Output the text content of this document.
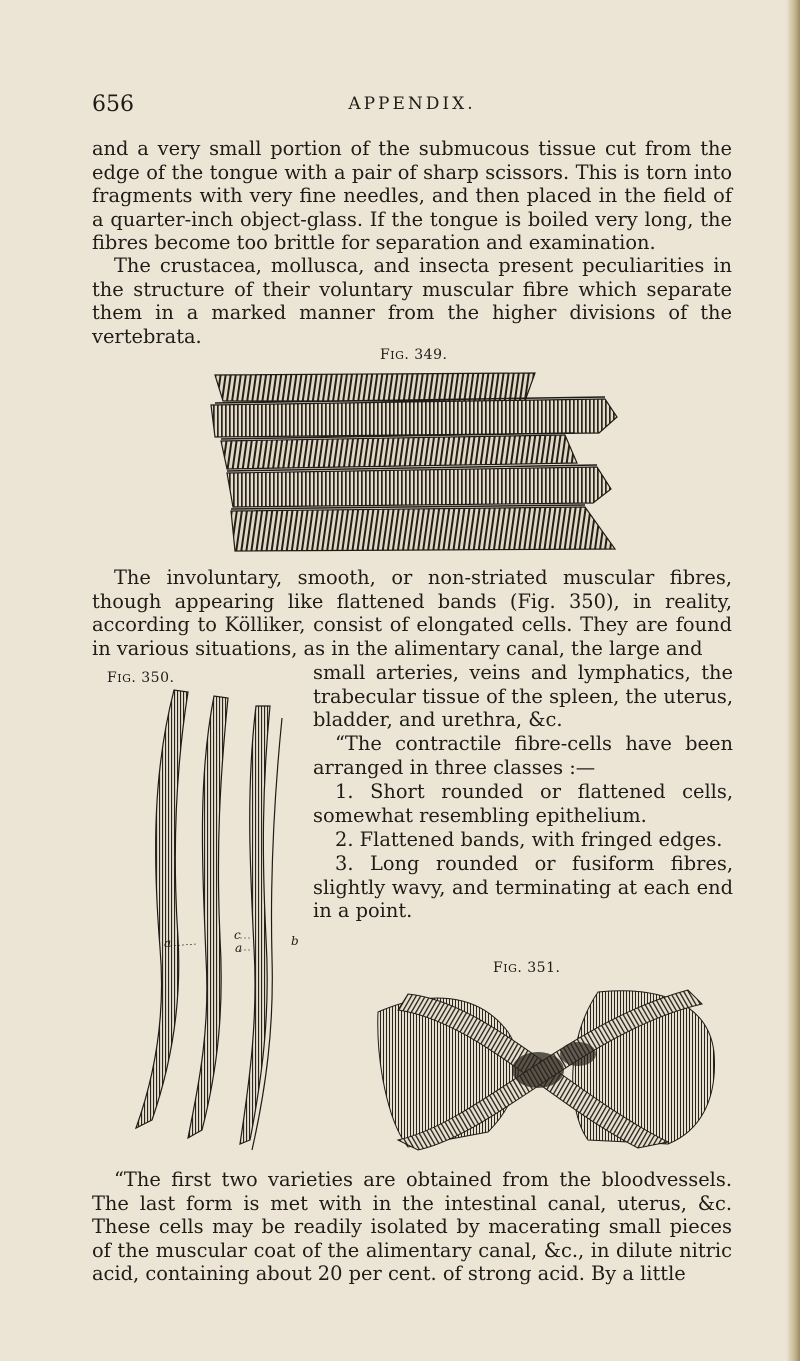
656	APPENDIX.

and a very small portion of the submucous tissue cut from the edge of the tongue with a pair of sharp scissors. This is torn into fragments with very fine needles, and then placed in the field of a quarter-inch object-glass. If the tongue is boiled very long, the fibres become too brittle for separation and examination.

The crustacea, mollusca, and insecta present peculiarities in the structure of their voluntary muscular fibre which separate them in a marked manner from the higher divisions of the vertebrata.

FIG. 349.

The involuntary, smooth, or non-striated muscular fibres, though appearing like flattened bands (Fig. 350), in reality, according to Kölliker, consist of elongated cells. They are found in various situations, as in the alimentary canal, the large and

FIG. 350.
a
c
a	b

small arteries, veins and lymphatics, the trabecular tissue of the spleen, the uterus, bladder, and urethra, &c.

“The contractile fibre-cells have been arranged in three classes :—

1. Short rounded or flattened cells, somewhat resembling epithelium.

2. Flattened bands, with fringed edges.

3. Long rounded or fusiform fibres, slightly wavy, and terminating at each end in a point.

FIG. 351.

“The first two varieties are obtained from the bloodvessels. The last form is met with in the intestinal canal, uterus, &c. These cells may be readily isolated by macerating small pieces of the muscular coat of the alimentary canal, &c., in dilute nitric acid, containing about 20 per cent. of strong acid. By a little
